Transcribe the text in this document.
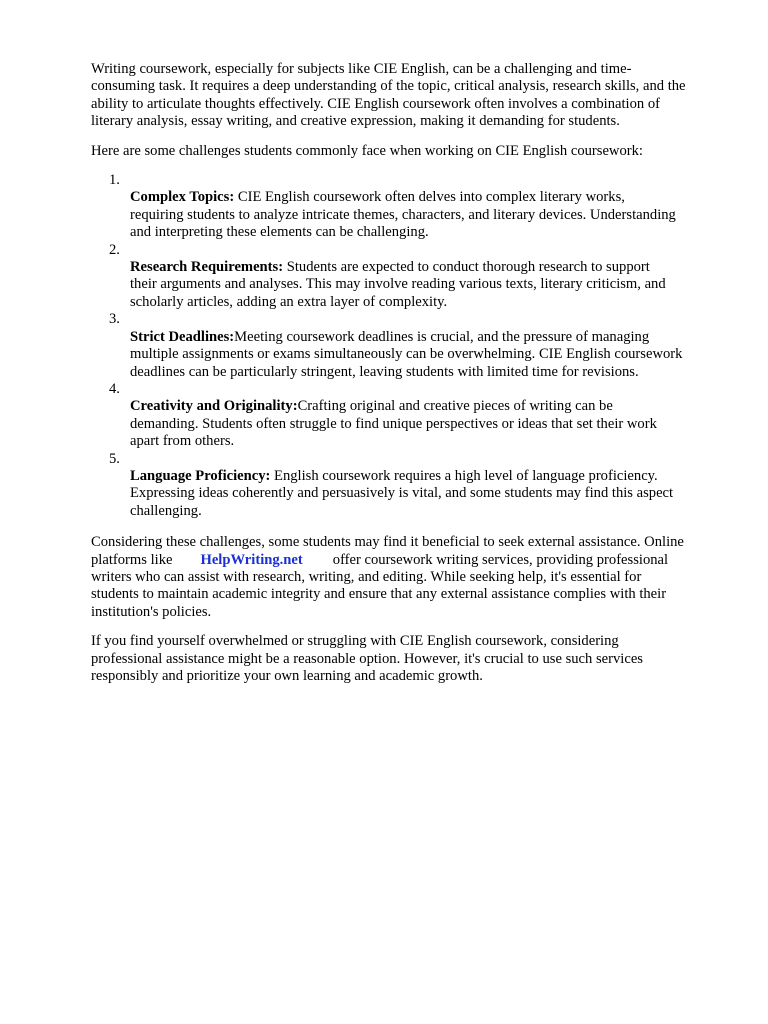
Writing coursework, especially for subjects like CIE English, can be a challenging and time-
consuming task. It requires a deep understanding of the topic, critical analysis, research skills, and the
ability to articulate thoughts effectively. CIE English coursework often involves a combination of
literary analysis, essay writing, and creative expression, making it demanding for students.

Here are some challenges students commonly face when working on CIE English coursework:

1.
Complex Topics: CIE English coursework often delves into complex literary works,
requiring students to analyze intricate themes, characters, and literary devices. Understanding
and interpreting these elements can be challenging.

2.
Research Requirements: Students are expected to conduct thorough research to support
their arguments and analyses. This may involve reading various texts, literary criticism, and
scholarly articles, adding an extra layer of complexity.

3.
Strict Deadlines:Meeting coursework deadlines is crucial, and the pressure of managing
multiple assignments or exams simultaneously can be overwhelming. CIE English coursework
deadlines can be particularly stringent, leaving students with limited time for revisions.

4.
Creativity and Originality:Crafting original and creative pieces of writing can be
demanding. Students often struggle to find unique perspectives or ideas that set their work
apart from others.

5.
Language Proficiency: English coursework requires a high level of language proficiency.
Expressing ideas coherently and persuasively is vital, and some students may find this aspect
challenging.

Considering these challenges, some students may find it beneficial to seek external assistance. Online
platforms like HelpWriting.net offer coursework writing services, providing professional
writers who can assist with research, writing, and editing. While seeking help, it's essential for
students to maintain academic integrity and ensure that any external assistance complies with their
institution's policies.

If you find yourself overwhelmed or struggling with CIE English coursework, considering
professional assistance might be a reasonable option. However, it's crucial to use such services
responsibly and prioritize your own learning and academic growth.
